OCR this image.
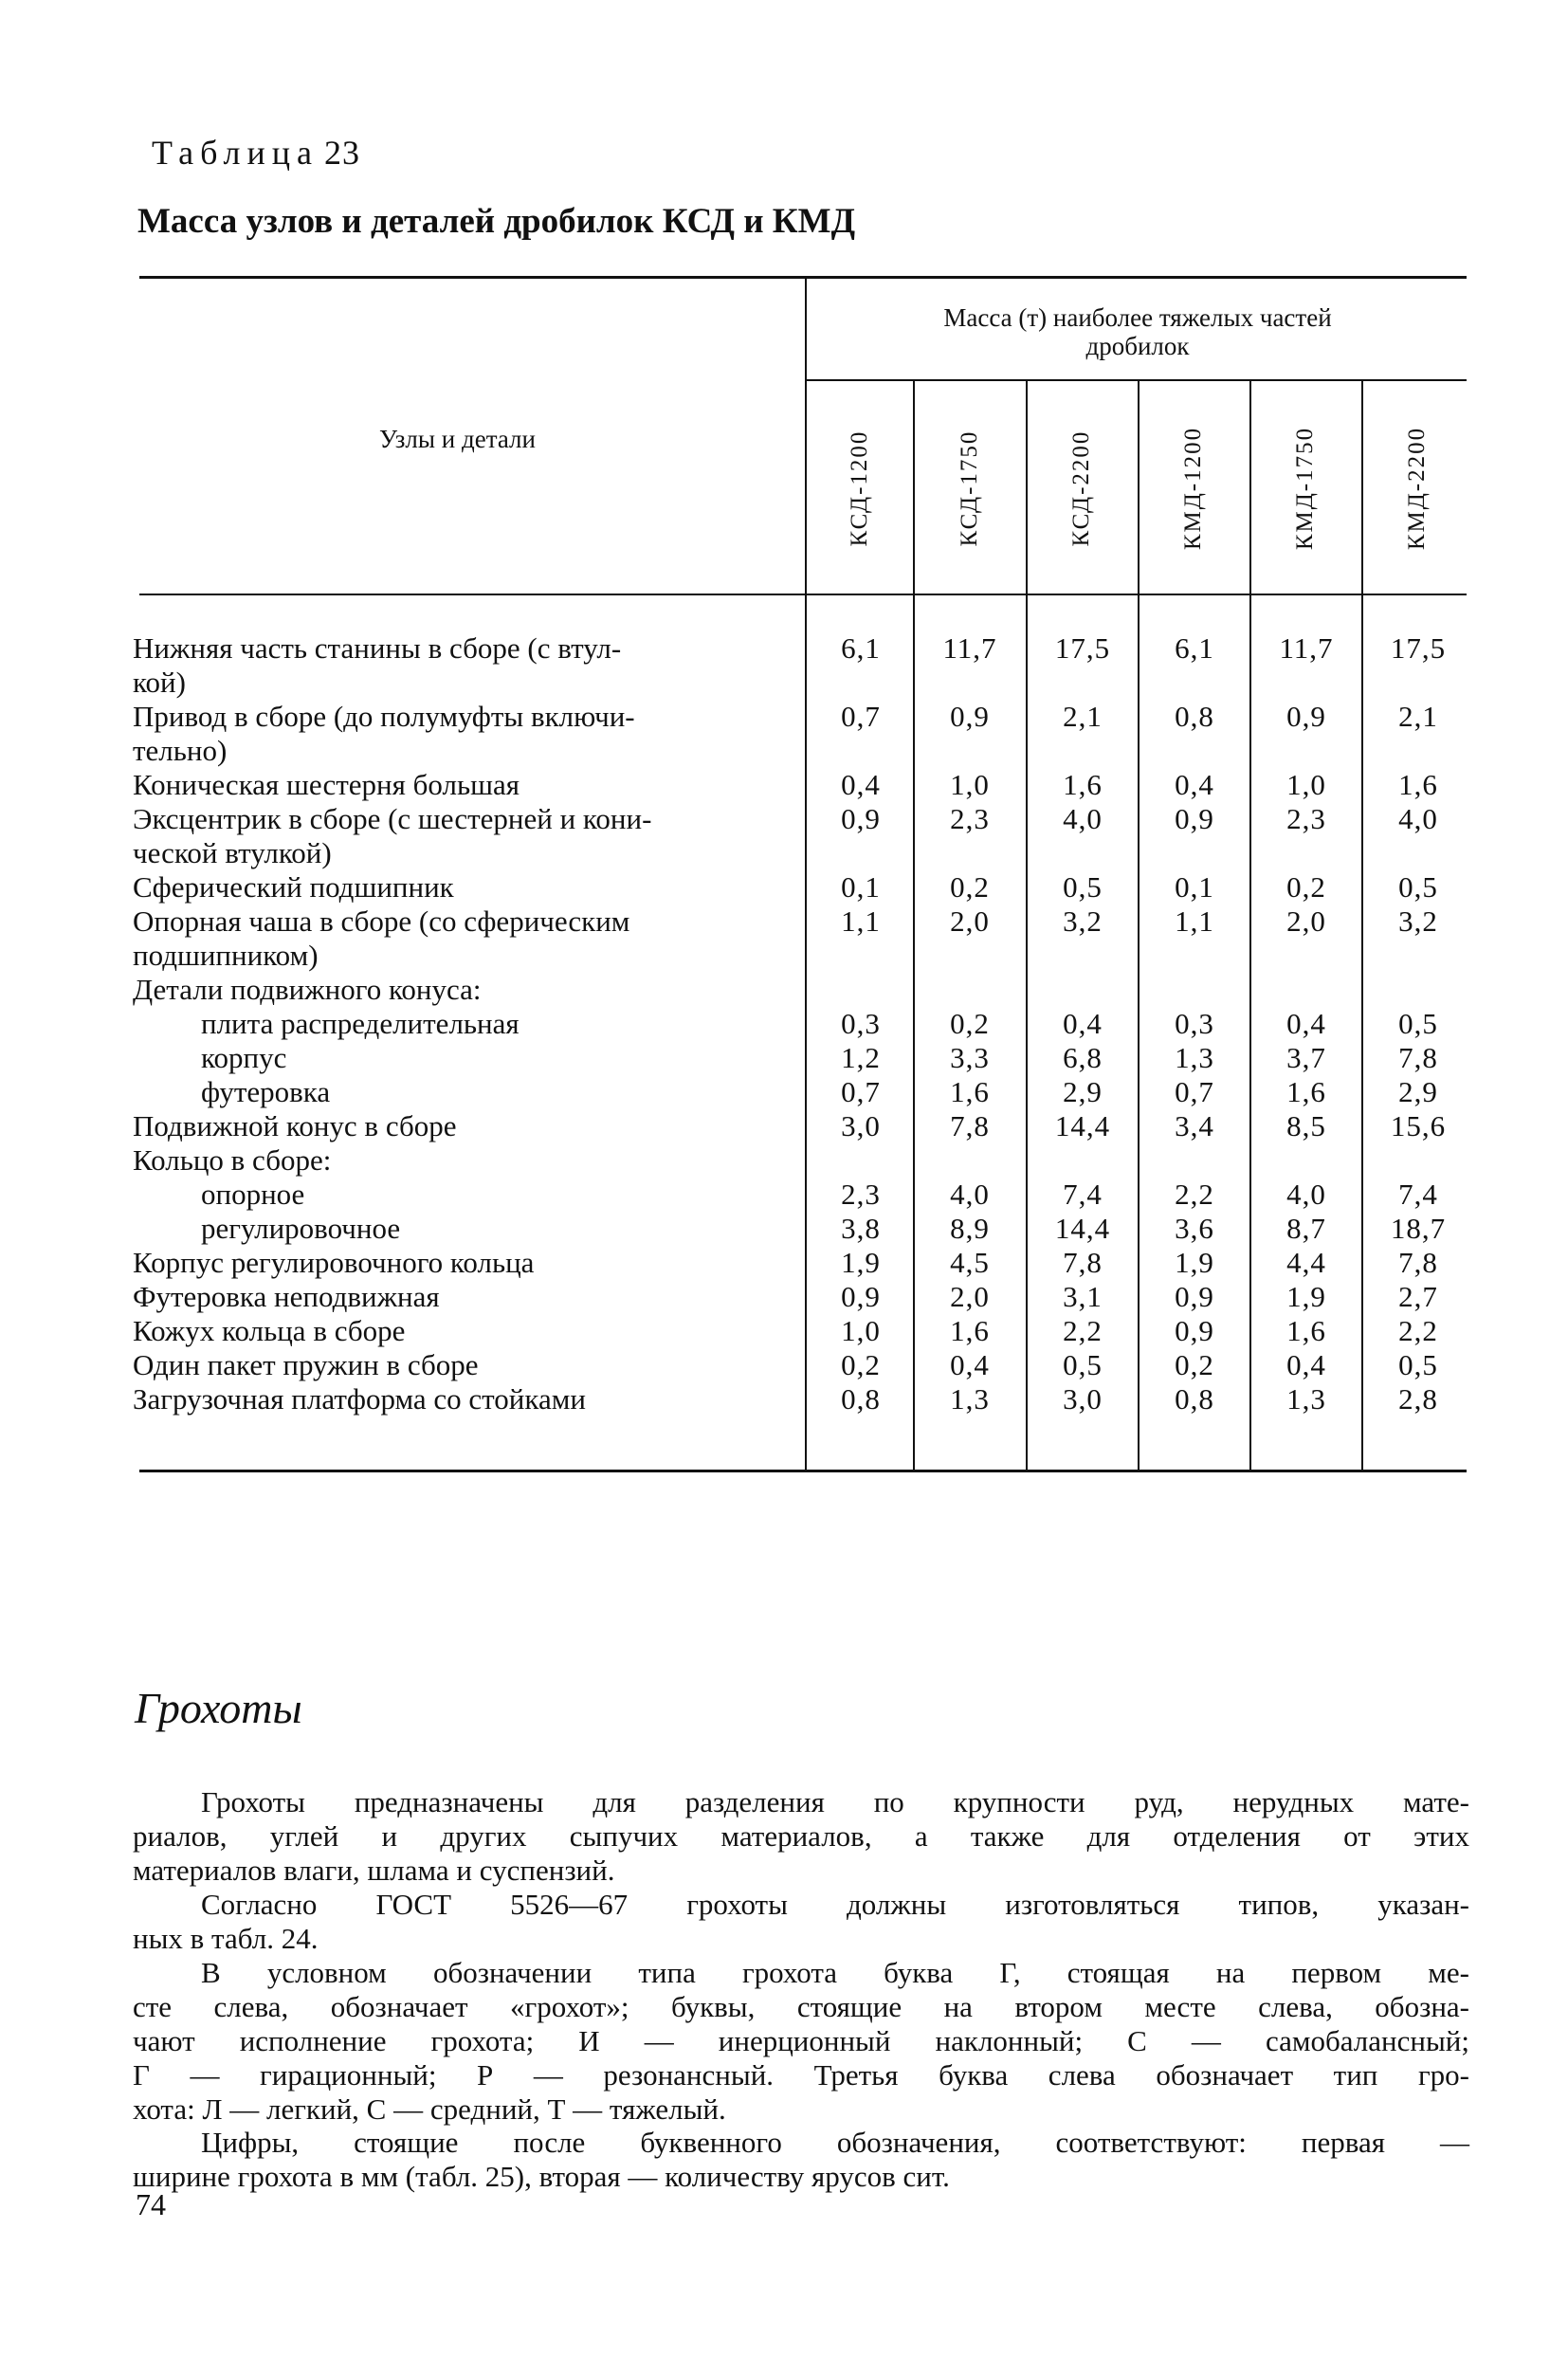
Таблица 23
Масса узлов и деталей дробилок КСД и КМД
Узлы и детали
Масса (т) наиболее тяжелых частей
дробилок
КСД-1200	КСД-1750	КСД-2200	КМД-1200	КМД-1750	КМД-2200
Нижняя часть станины в сборе (с втул-	6,1	11,7	17,5	6,1	11,7	17,5
кой)
Привод в сборе (до полумуфты включи-	0,7	0,9	2,1	0,8	0,9	2,1
тельно)
Коническая шестерня большая	0,4	1,0	1,6	0,4	1,0	1,6
Эксцентрик в сборе (с шестерней и кони-	0,9	2,3	4,0	0,9	2,3	4,0
ческой втулкой)
Сферический подшипник	0,1	0,2	0,5	0,1	0,2	0,5
Опорная чаша в сборе (со сферическим	1,1	2,0	3,2	1,1	2,0	3,2
подшипником)
Детали подвижного конуса:
плита распределительная	0,3	0,2	0,4	0,3	0,4	0,5
корпус	1,2	3,3	6,8	1,3	3,7	7,8
футеровка	0,7	1,6	2,9	0,7	1,6	2,9
Подвижной конус в сборе	3,0	7,8	14,4	3,4	8,5	15,6
Кольцо в сборе:
опорное	2,3	4,0	7,4	2,2	4,0	7,4
регулировочное	3,8	8,9	14,4	3,6	8,7	18,7
Корпус регулировочного кольца	1,9	4,5	7,8	1,9	4,4	7,8
Футеровка неподвижная	0,9	2,0	3,1	0,9	1,9	2,7
Кожух кольца в сборе	1,0	1,6	2,2	0,9	1,6	2,2
Один пакет пружин в сборе	0,2	0,4	0,5	0,2	0,4	0,5
Загрузочная платформа со стойками	0,8	1,3	3,0	0,8	1,3	2,8
Грохоты
Грохоты предназначены для разделения по крупности руд, нерудных мате-
риалов, углей и других сыпучих материалов, а также для отделения от этих
материалов влаги, шлама и суспензий.
Согласно ГОСТ 5526—67 грохоты должны изготовляться типов, указан-
ных в табл. 24.
В условном обозначении типа грохота буква Г, стоящая на первом ме-
сте слева, обозначает «грохот»; буквы, стоящие на втором месте слева, обозна-
чают исполнение грохота; И — инерционный наклонный; С — самобалансный;
Г — гирационный; Р — резонансный. Третья буква слева обозначает тип гро-
хота: Л — легкий, С — средний, Т — тяжелый.
Цифры, стоящие после буквенного обозначения, соответствуют: первая —
ширине грохота в мм (табл. 25), вторая — количеству ярусов сит.
74
